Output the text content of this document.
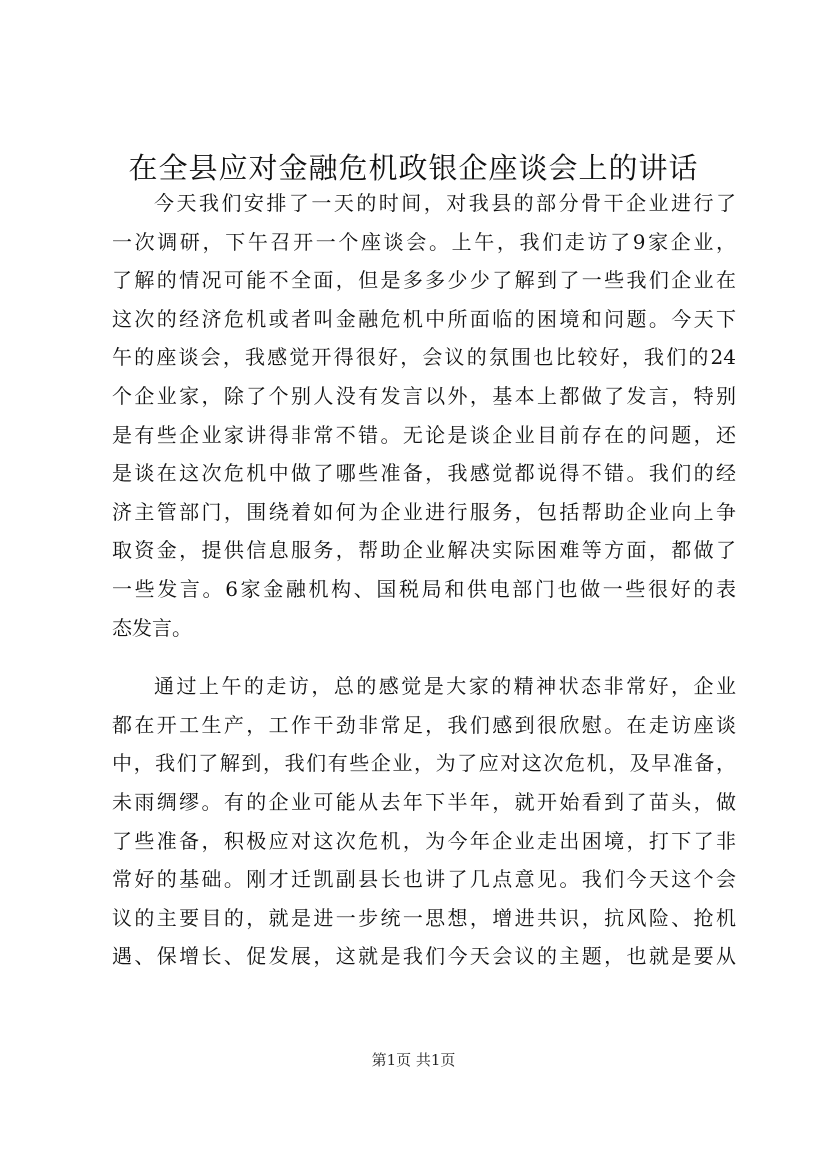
在全县应对金融危机政银企座谈会上的讲话
今天我们安排了一天的时间，对我县的部分骨干企业进行了
一次调研，下午召开一个座谈会。上午，我们走访了9家企业，
了解的情况可能不全面，但是多多少少了解到了一些我们企业在
这次的经济危机或者叫金融危机中所面临的困境和问题。今天下
午的座谈会，我感觉开得很好，会议的氛围也比较好，我们的24
个企业家，除了个别人没有发言以外，基本上都做了发言，特别
是有些企业家讲得非常不错。无论是谈企业目前存在的问题，还
是谈在这次危机中做了哪些准备，我感觉都说得不错。我们的经
济主管部门，围绕着如何为企业进行服务，包括帮助企业向上争
取资金，提供信息服务，帮助企业解决实际困难等方面，都做了
一些发言。6家金融机构、国税局和供电部门也做一些很好的表
态发言。
通过上午的走访，总的感觉是大家的精神状态非常好，企业
都在开工生产，工作干劲非常足，我们感到很欣慰。在走访座谈
中，我们了解到，我们有些企业，为了应对这次危机，及早准备，
未雨绸缪。有的企业可能从去年下半年，就开始看到了苗头，做
了些准备，积极应对这次危机，为今年企业走出困境，打下了非
常好的基础。刚才迁凯副县长也讲了几点意见。我们今天这个会
议的主要目的，就是进一步统一思想，增进共识，抗风险、抢机
遇、保增长、促发展，这就是我们今天会议的主题，也就是要从
第1页 共1页
